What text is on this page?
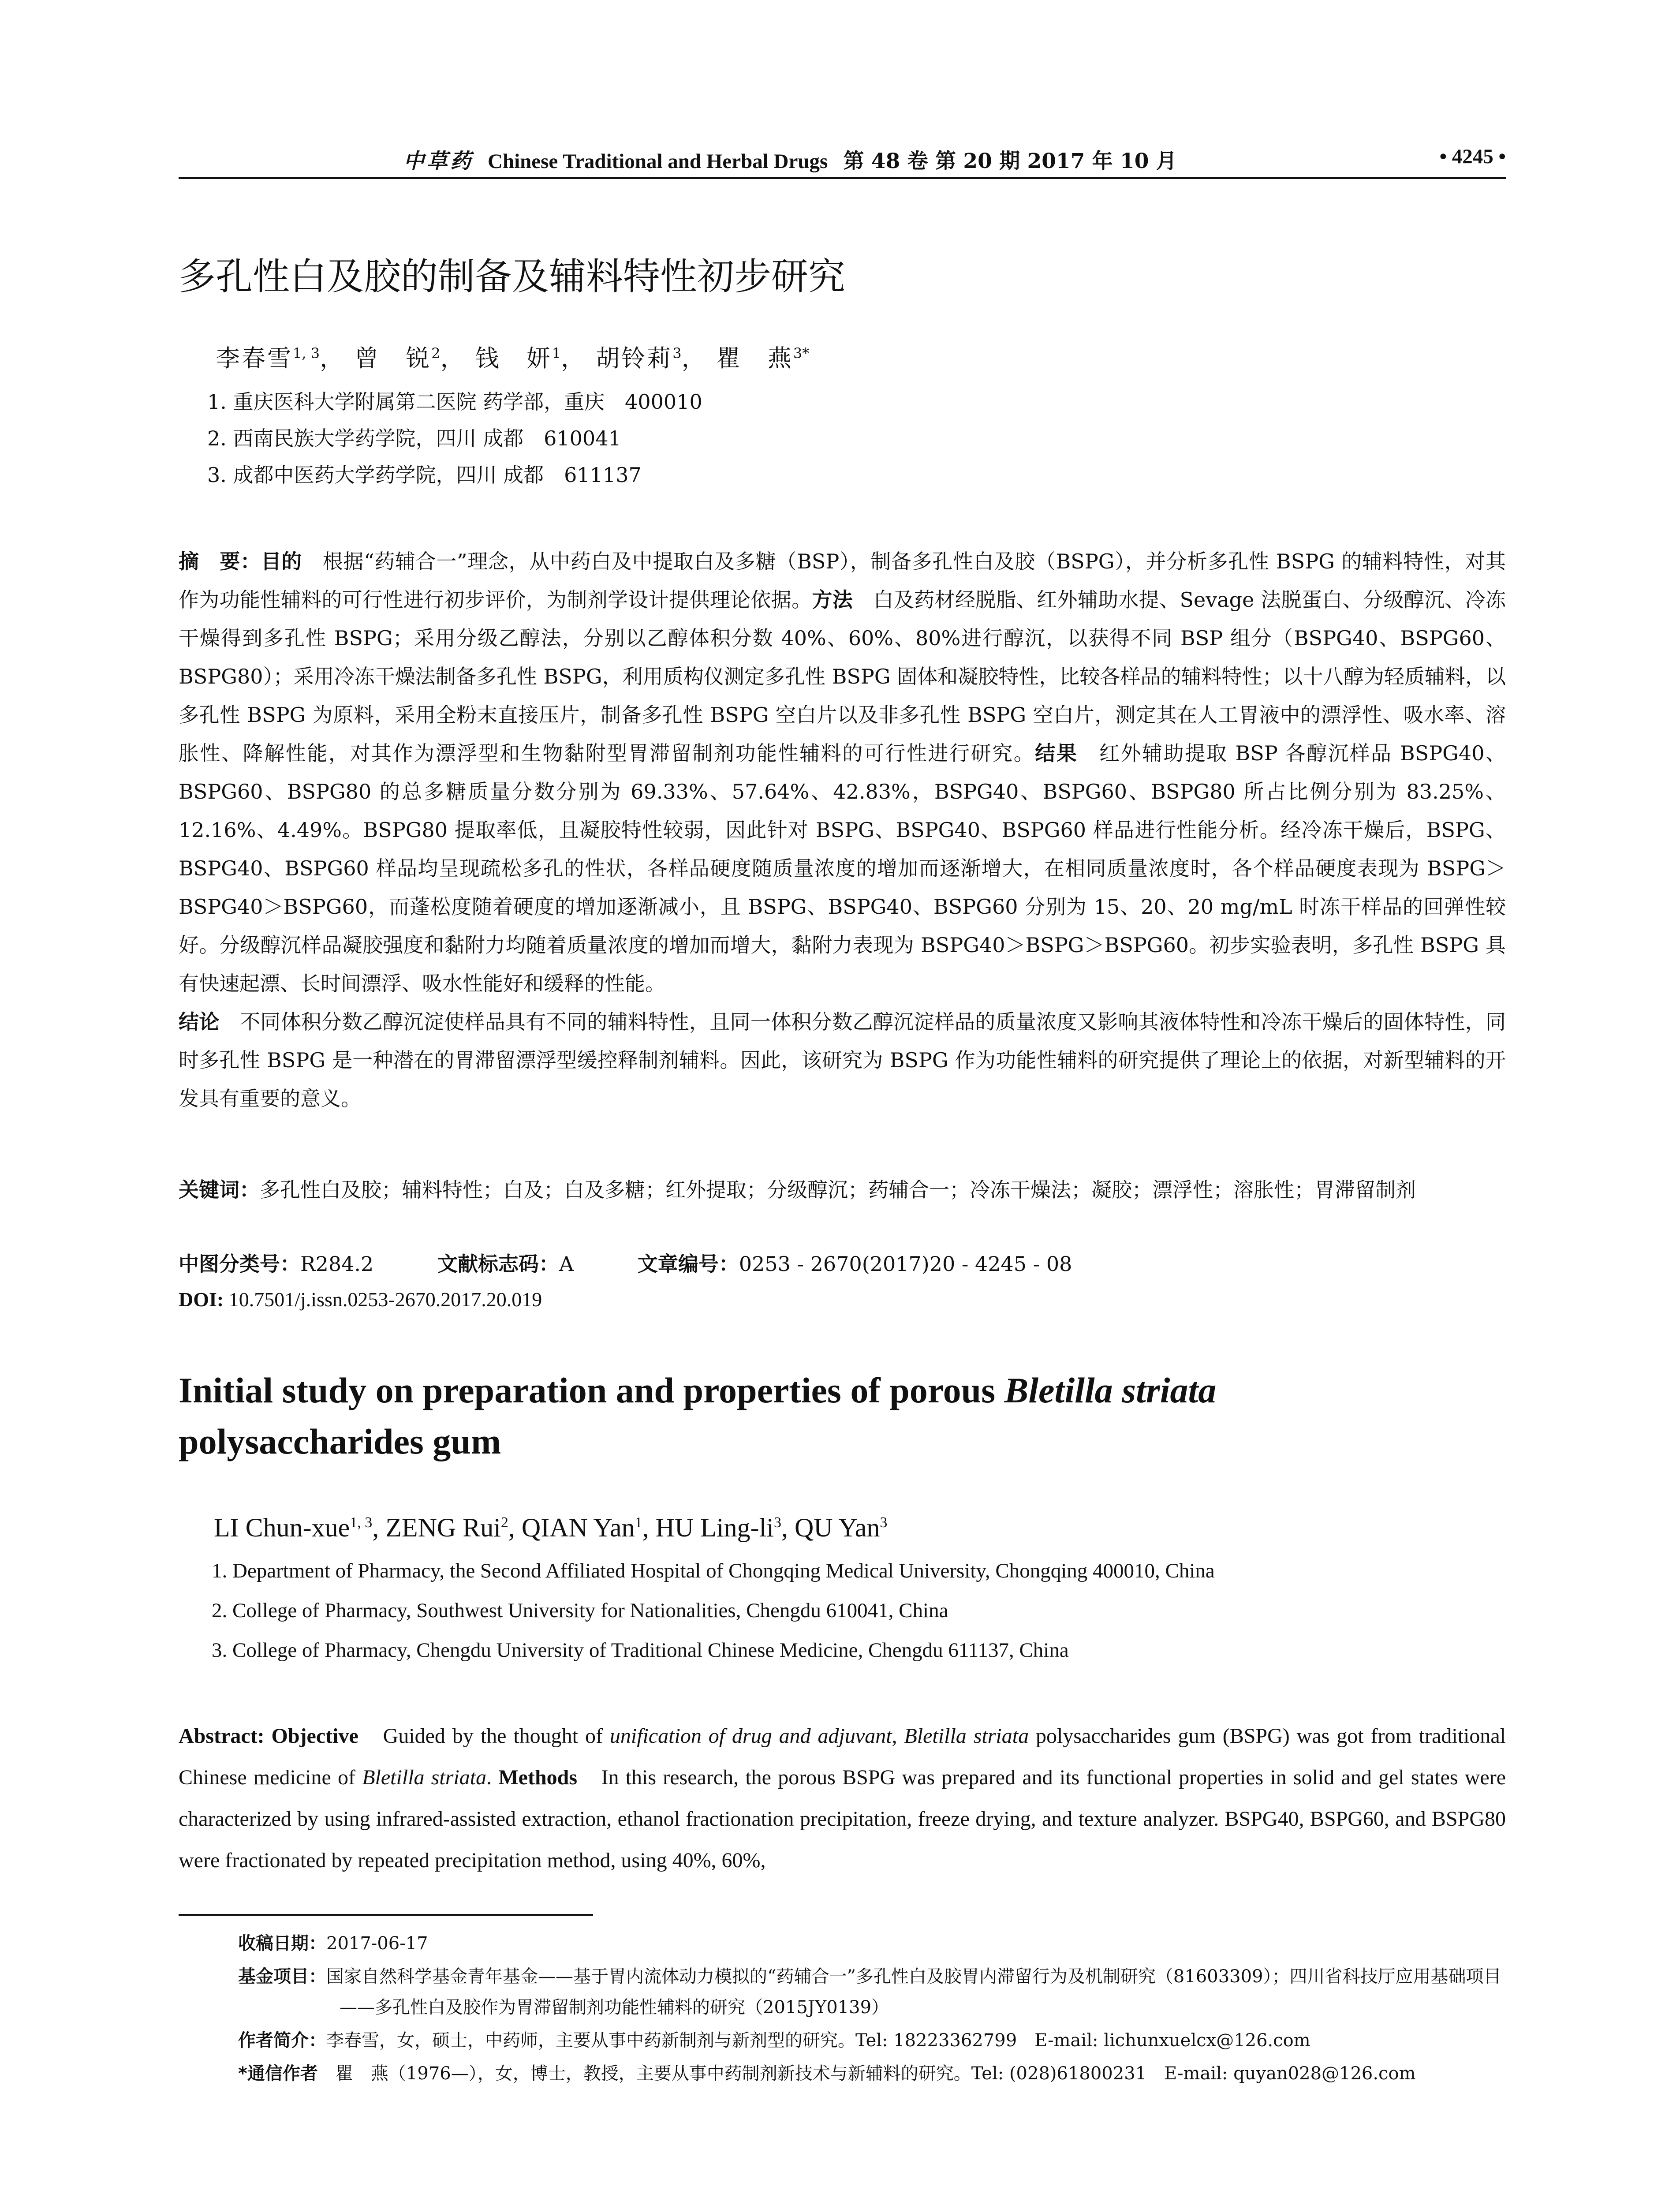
中草药 Chinese Traditional and Herbal Drugs 第 48 卷 第 20 期 2017 年 10 月	• 4245 •
多孔性白及胶的制备及辅料特性初步研究
李春雪$^{1, 3}$， 曾　锐$^2$， 钱　妍$^1$， 胡铃莉$^3$， 瞿　燕$^{3*}$
1. 重庆医科大学附属第二医院 药学部，重庆　400010
2. 西南民族大学药学院，四川 成都　610041
3. 成都中医药大学药学院，四川 成都　611137
摘　要：目的　根据“药辅合一”理念，从中药白及中提取白及多糖（BSP），制备多孔性白及胶（BSPG），并分析多孔性 BSPG 的辅料特性，对其作为功能性辅料的可行性进行初步评价，为制剂学设计提供理论依据。方法　白及药材经脱脂、红外辅助水提、Sevage 法脱蛋白、分级醇沉、冷冻干燥得到多孔性 BSPG；采用分级乙醇法，分别以乙醇体积分数 40%、60%、80%进行醇沉，以获得不同 BSP 组分（BSPG40、BSPG60、BSPG80）；采用冷冻干燥法制备多孔性 BSPG，利用质构仪测定多孔性 BSPG 固体和凝胶特性，比较各样品的辅料特性；以十八醇为轻质辅料，以多孔性 BSPG 为原料，采用全粉末直接压片，制备多孔性 BSPG 空白片以及非多孔性 BSPG 空白片，测定其在人工胃液中的漂浮性、吸水率、溶胀性、降解性能，对其作为漂浮型和生物黏附型胃滞留制剂功能性辅料的可行性进行研究。结果　红外辅助提取 BSP 各醇沉样品 BSPG40、BSPG60、BSPG80 的总多糖质量分数分别为 69.33%、57.64%、42.83%，BSPG40、BSPG60、BSPG80 所占比例分别为 83.25%、12.16%、4.49%。BSPG80 提取率低，且凝胶特性较弱，因此针对 BSPG、BSPG40、BSPG60 样品进行性能分析。经冷冻干燥后，BSPG、BSPG40、BSPG60 样品均呈现疏松多孔的性状，各样品硬度随质量浓度的增加而逐渐增大，在相同质量浓度时，各个样品硬度表现为 BSPG＞BSPG40＞BSPG60，而蓬松度随着硬度的增加逐渐减小，且 BSPG、BSPG40、BSPG60 分别为 15、20、20 mg/mL 时冻干样品的回弹性较好。分级醇沉样品凝胶强度和黏附力均随着质量浓度的增加而增大，黏附力表现为 BSPG40＞BSPG＞BSPG60。初步实验表明，多孔性 BSPG 具有快速起漂、长时间漂浮、吸水性能好和缓释的性能。
结论　不同体积分数乙醇沉淀使样品具有不同的辅料特性，且同一体积分数乙醇沉淀样品的质量浓度又影响其液体特性和冷冻干燥后的固体特性，同时多孔性 BSPG 是一种潜在的胃滞留漂浮型缓控释制剂辅料。因此，该研究为 BSPG 作为功能性辅料的研究提供了理论上的依据，对新型辅料的开发具有重要的意义。
关键词：多孔性白及胶；辅料特性；白及；白及多糖；红外提取；分级醇沉；药辅合一；冷冻干燥法；凝胶；漂浮性；溶胀性；胃滞留制剂
中图分类号：R284.2	文献标志码：A	文章编号：0253 - 2670(2017)20 - 4245 - 08
DOI: 10.7501/j.issn.0253-2670.2017.20.019
Initial study on preparation and properties of porous Bletilla striata
polysaccharides gum
LI Chun-xue$^{1, 3}$, ZENG Rui$^2$, QIAN Yan$^1$, HU Ling-$li^3$, QU Yan$^3$
1. Department of Pharmacy, the Second Affiliated Hospital of Chongqing Medical University, Chongqing 400010, China
2. College of Pharmacy, Southwest University for Nationalities, Chengdu 610041, China
3. College of Pharmacy, Chengdu University of Traditional Chinese Medicine, Chengdu 611137, China
Abstract: Objective　Guided by the thought of unification of drug and adjuvant, Bletilla striata polysaccharides gum (BSPG) was got from traditional Chinese medicine of Bletilla striata. Methods　In this research, the porous BSPG was prepared and its functional properties in solid and gel states were characterized by using infrared-assisted extraction, ethanol fractionation precipitation, freeze drying, and texture analyzer. BSPG40, BSPG60, and BSPG80 were fractionated by repeated precipitation method, using 40%, 60%,
收稿日期：2017-06-17
基金项目：国家自然科学基金青年基金——基于胃内流体动力模拟的“药辅合一”多孔性白及胶胃内滞留行为及机制研究（81603309）；四川省科技厅应用基础项目——多孔性白及胶作为胃滞留制剂功能性辅料的研究（2015JY0139）
作者简介：李春雪，女，硕士，中药师，主要从事中药新制剂与新剂型的研究。Tel: 18223362799　E-mail: lichunxuelcx@126.com
*通信作者　瞿　燕（1976—），女，博士，教授，主要从事中药制剂新技术与新辅料的研究。Tel: (028)61800231　E-mail: quyan028@126.com
